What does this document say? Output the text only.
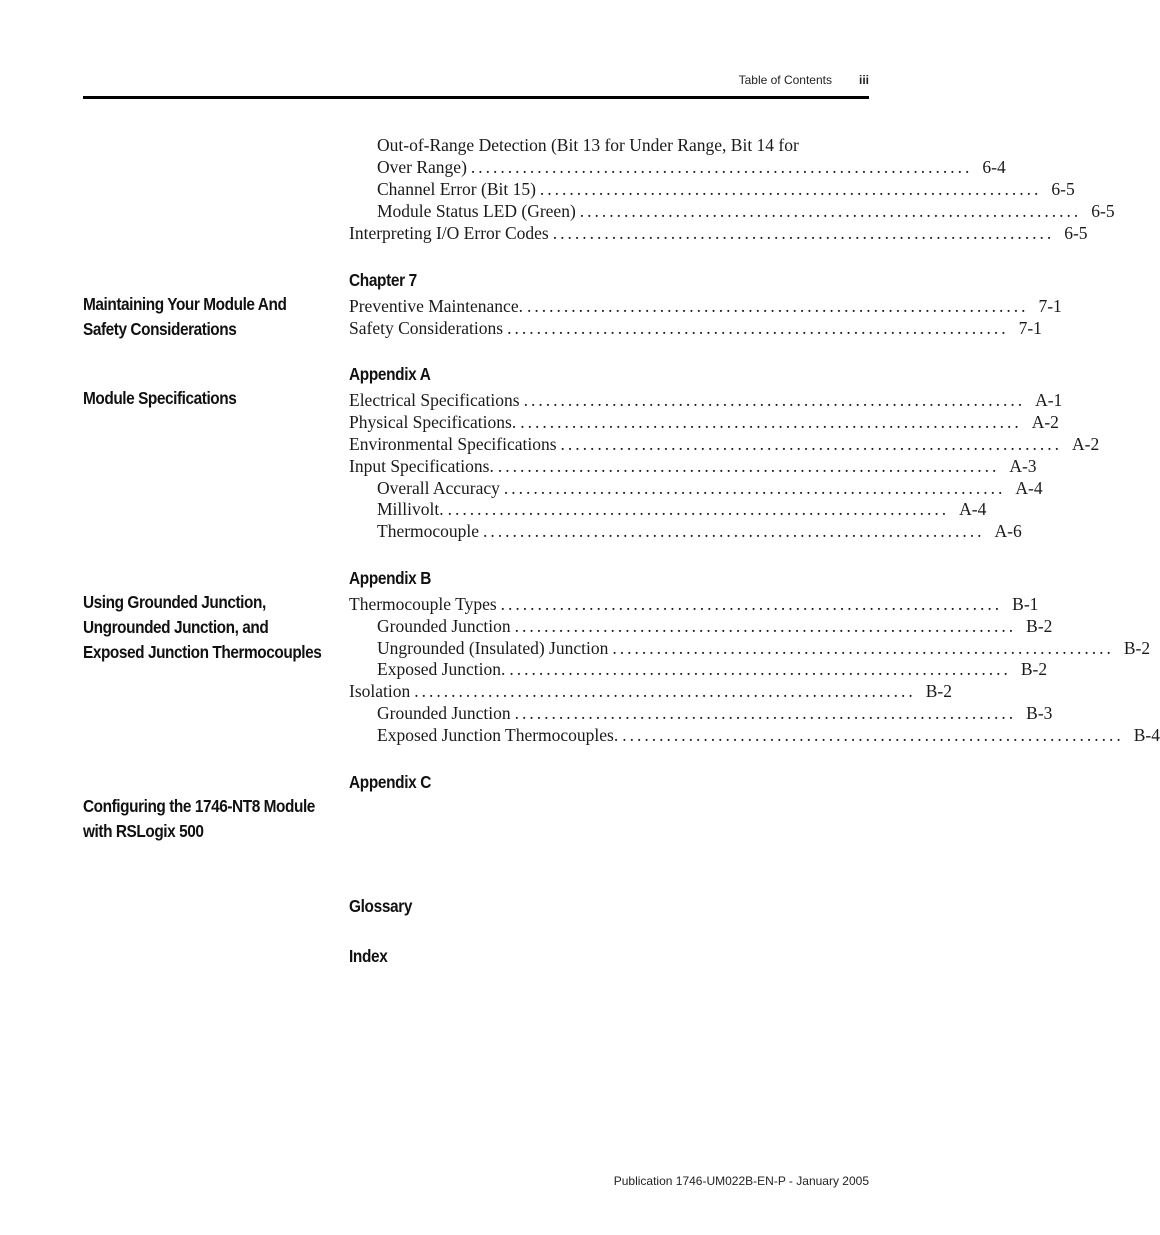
Table of Contents iii
Out-of-Range Detection (Bit 13 for Under Range, Bit 14 for
Over Range) .................................................................... 6-4
Channel Error (Bit 15) .................................................................... 6-5
Module Status LED (Green) .................................................................... 6-5
Interpreting I/O Error Codes .................................................................... 6-5
Chapter 7
Maintaining Your Module And
Safety Considerations
Preventive Maintenance. .................................................................... 7-1
Safety Considerations .................................................................... 7-1
Appendix A
Module Specifications	Electrical Specifications .................................................................... A-1
Physical Specifications. .................................................................... A-2
Environmental Specifications .................................................................... A-2
Input Specifications. .................................................................... A-3
Overall Accuracy .................................................................... A-4
Millivolt. .................................................................... A-4
Thermocouple .................................................................... A-6
Appendix B
Using Grounded Junction,
Ungrounded Junction, and
Exposed Junction Thermocouples
Thermocouple Types .................................................................... B-1
Grounded Junction .................................................................... B-2
Ungrounded (Insulated) Junction .................................................................... B-2
Exposed Junction. .................................................................... B-2
Isolation .................................................................... B-2
Grounded Junction .................................................................... B-3
Exposed Junction Thermocouples. .................................................................... B-4
Appendix C
Configuring the 1746-NT8 Module
with RSLogix 500
Glossary
Index
Publication 1746-UM022B-EN-P - January 2005
